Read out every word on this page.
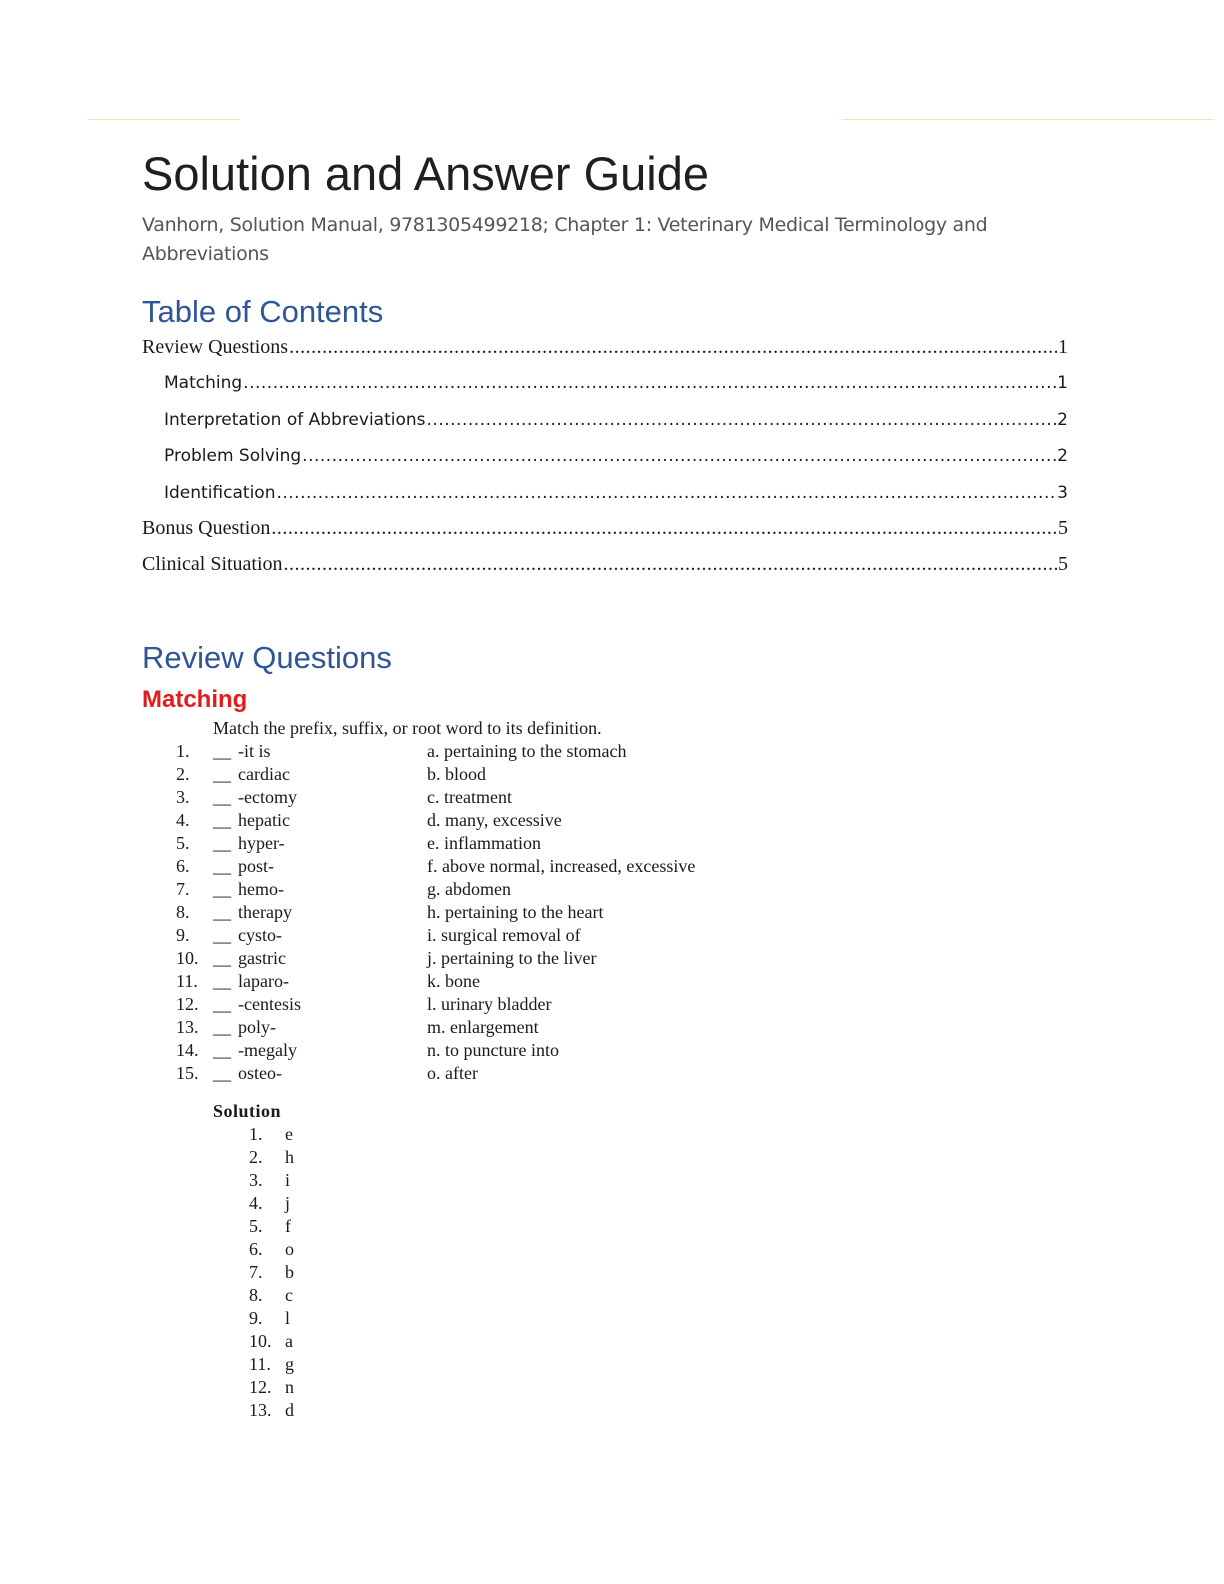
Solution and Answer Guide
Vanhorn, Solution Manual, 9781305499218; Chapter 1: Veterinary Medical Terminology and Abbreviations
Table of Contents
Review Questions .....	1
Matching .....	1
Interpretation of Abbreviations .....	2
Problem Solving .....	2
Identification .....	3
Bonus Question .....	5
Clinical Situation .....	5
Review Questions
Matching
Match the prefix, suffix, or root word to its definition.
1. __ -it is	a. pertaining to the stomach
2. __ cardiac	b. blood
3. __ -ectomy	c. treatment
4. __ hepatic	d. many, excessive
5. __ hyper-	e. inflammation
6. __ post-	f. above normal, increased, excessive
7. __ hemo-	g. abdomen
8. __ therapy	h. pertaining to the heart
9. __ cysto-	i. surgical removal of
10. __ gastric	j. pertaining to the liver
11. __ laparo-	k. bone
12. __ -centesis	l. urinary bladder
13. __ poly-	m. enlargement
14. __ -megaly	n. to puncture into
15. __ osteo-	o. after
Solution
1. e
2. h
3. i
4. j
5. f
6. o
7. b
8. c
9. l
10. a
11. g
12. n
13. d
